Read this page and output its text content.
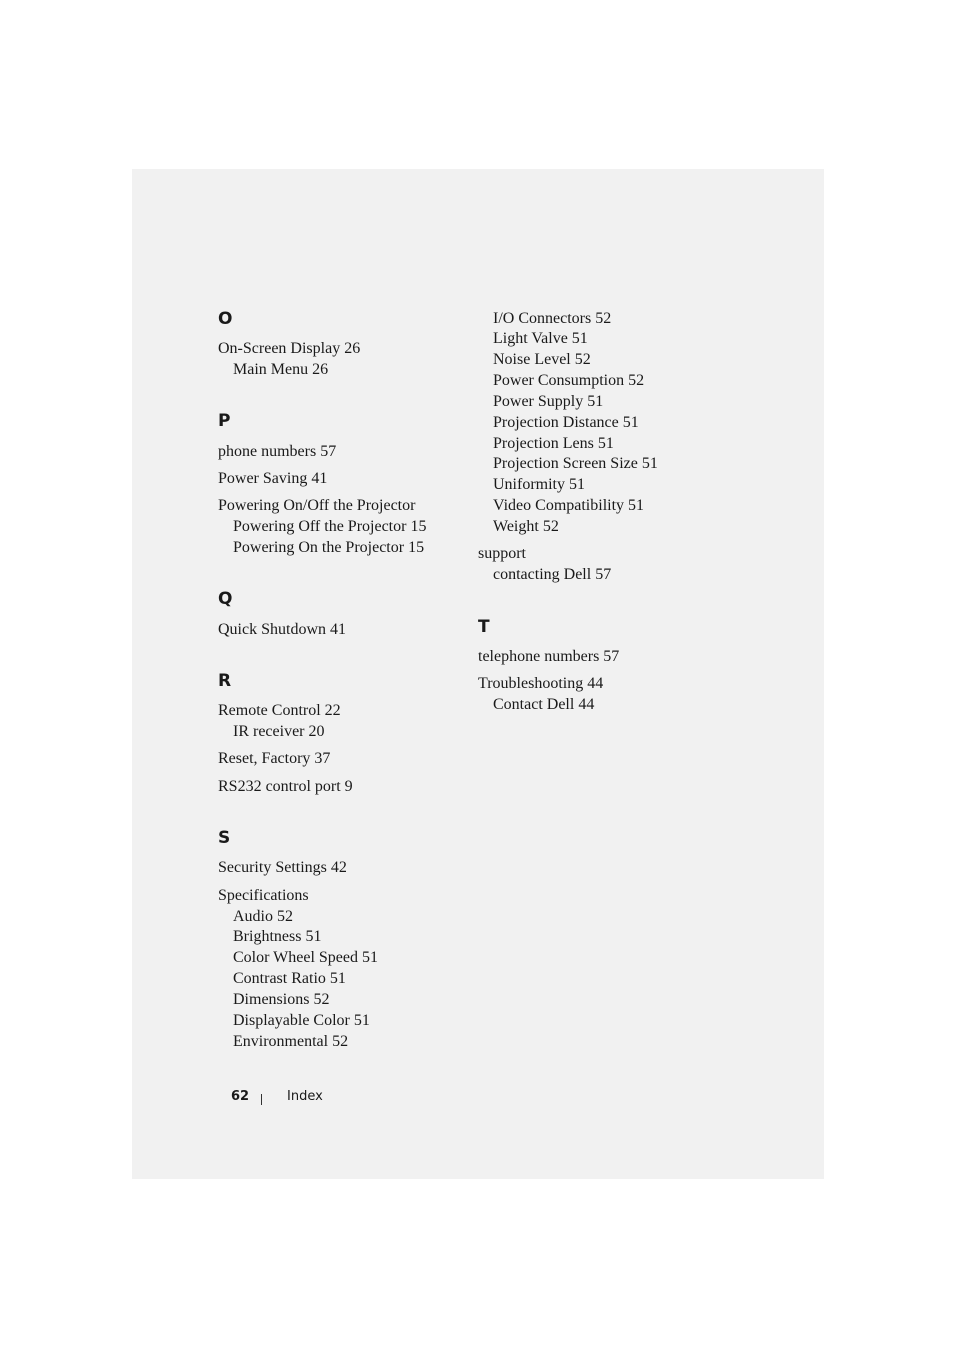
O
On-Screen Display 26
Main Menu 26
P
phone numbers 57
Power Saving 41
Powering On/Off the Projector
Powering Off the Projector 15
Powering On the Projector 15
Q
Quick Shutdown 41
R
Remote Control 22
IR receiver 20
Reset, Factory 37
RS232 control port 9
S
Security Settings 42
Specifications
Audio 52
Brightness 51
Color Wheel Speed 51
Contrast Ratio 51
Dimensions 52
Displayable Color 51
Environmental 52
I/O Connectors 52
Light Valve 51
Noise Level 52
Power Consumption 52
Power Supply 51
Projection Distance 51
Projection Lens 51
Projection Screen Size 51
Uniformity 51
Video Compatibility 51
Weight 52
support
contacting Dell 57
T
telephone numbers 57
Troubleshooting 44
Contact Dell 44
62	Index
